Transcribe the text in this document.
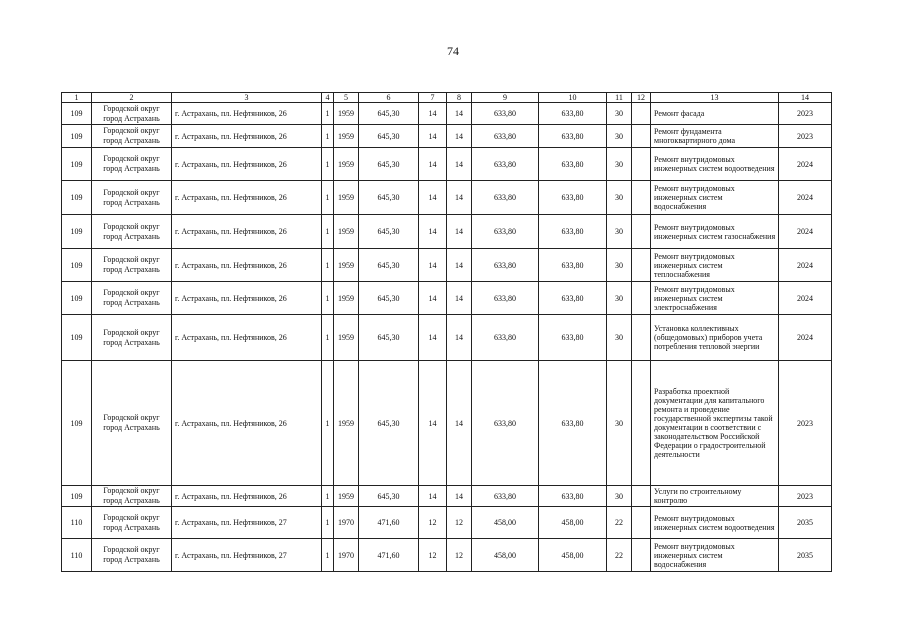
74
1	2	3	4	5	6	7	8	9	10	11	12	13	14
109	Городской округ город Астрахань	г. Астрахань, пл. Нефтяников, 26	1	1959	645,30	14	14	633,80	633,80	30		Ремонт фасада	2023
109	Городской округ город Астрахань	г. Астрахань, пл. Нефтяников, 26	1	1959	645,30	14	14	633,80	633,80	30		Ремонт фундамента многоквартирного дома	2023
109	Городской округ город Астрахань	г. Астрахань, пл. Нефтяников, 26	1	1959	645,30	14	14	633,80	633,80	30		Ремонт внутридомовых инженерных систем водоотведения	2024
109	Городской округ город Астрахань	г. Астрахань, пл. Нефтяников, 26	1	1959	645,30	14	14	633,80	633,80	30		Ремонт внутридомовых инженерных систем водоснабжения	2024
109	Городской округ город Астрахань	г. Астрахань, пл. Нефтяников, 26	1	1959	645,30	14	14	633,80	633,80	30		Ремонт внутридомовых инженерных систем газоснабжения	2024
109	Городской округ город Астрахань	г. Астрахань, пл. Нефтяников, 26	1	1959	645,30	14	14	633,80	633,80	30		Ремонт внутридомовых инженерных систем теплоснабжения	2024
109	Городской округ город Астрахань	г. Астрахань, пл. Нефтяников, 26	1	1959	645,30	14	14	633,80	633,80	30		Ремонт внутридомовых инженерных систем электроснабжения	2024
109	Городской округ город Астрахань	г. Астрахань, пл. Нефтяников, 26	1	1959	645,30	14	14	633,80	633,80	30		Установка коллективных (общедомовых) приборов учета потребления тепловой энергии	2024
109	Городской округ город Астрахань	г. Астрахань, пл. Нефтяников, 26	1	1959	645,30	14	14	633,80	633,80	30		Разработка проектной документации для капитального ремонта и проведение государственной экспертизы такой документации в соответствии с законодательством Российской Федерации о градостроительной деятельности	2023
109	Городской округ город Астрахань	г. Астрахань, пл. Нефтяников, 26	1	1959	645,30	14	14	633,80	633,80	30		Услуги по строительному контролю	2023
110	Городской округ город Астрахань	г. Астрахань, пл. Нефтяников, 27	1	1970	471,60	12	12	458,00	458,00	22		Ремонт внутридомовых инженерных систем водоотведения	2035
110	Городской округ город Астрахань	г. Астрахань, пл. Нефтяников, 27	1	1970	471,60	12	12	458,00	458,00	22		Ремонт внутридомовых инженерных систем водоснабжения	2035
